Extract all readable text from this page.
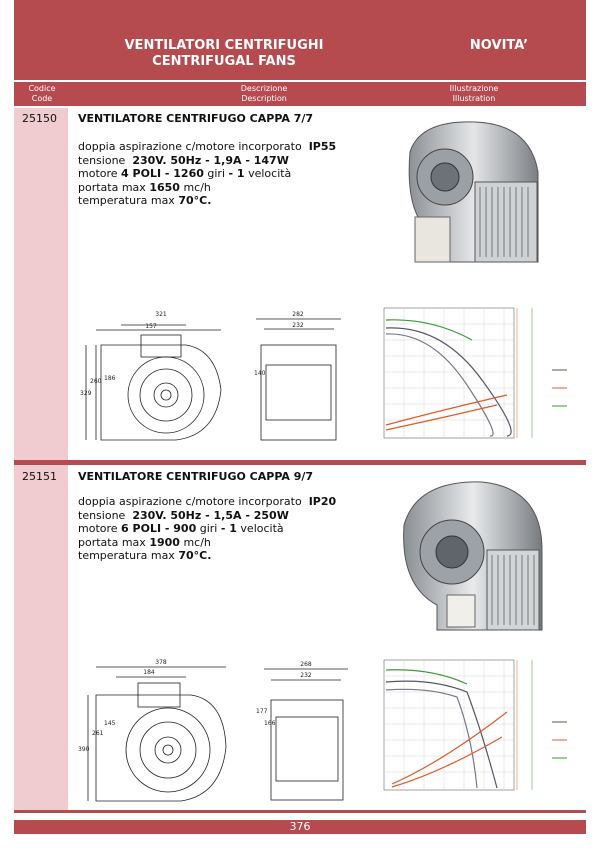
VENTILATORI CENTRIFUGHI
CENTRIFUGAL FANS
NOVITA’
Codice
Code
Descrizione
Description
Illustrazione
Illustration
25150 VENTILATORE CENTRIFUGO CAPPA 7/7
doppia aspirazione c/motore incorporato IP55
tensione 230V. 50Hz - 1,9A - 147W
motore 4 POLI - 1260 giri - 1 velocità
portata max 1650 mc/h
temperatura max 70°C.
321
157
282
232
329
260 186
140
25151 VENTILATORE CENTRIFUGO CAPPA 9/7
doppia aspirazione c/motore incorporato IP20
tensione 230V. 50Hz - 1,5A - 250W
motore 6 POLI - 900 giri - 1 velocità
portata max 1900 mc/h
temperatura max 70°C.
378
184
268
232
390
261
145
177
166
376
